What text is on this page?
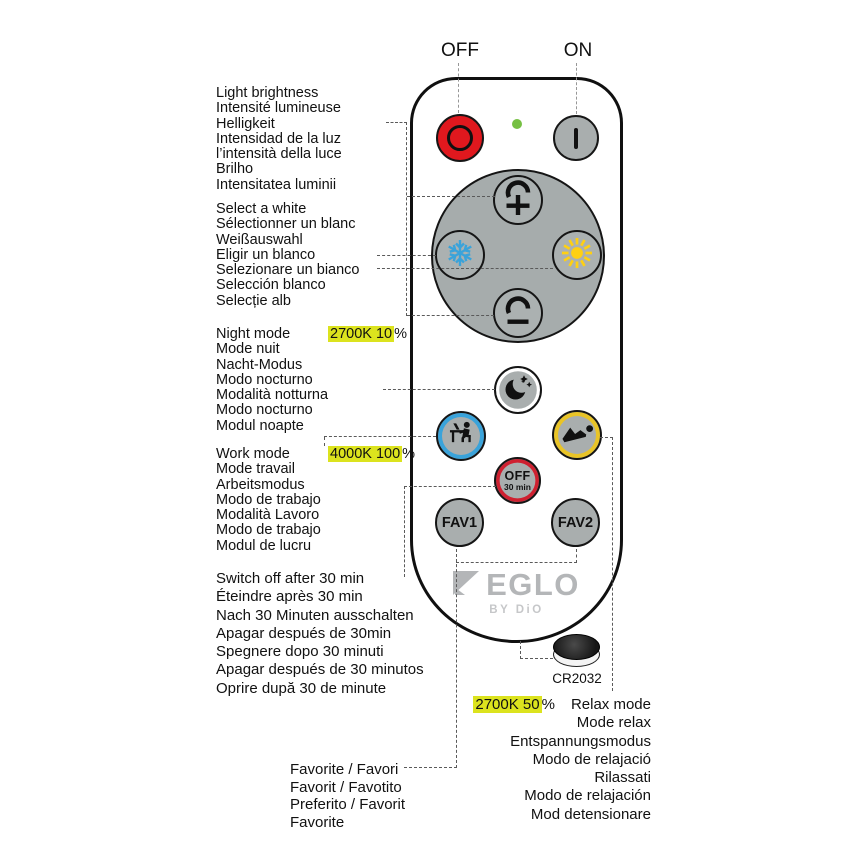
OFF	ON
OFF
30 min
FAV1	FAV2
EGLO
BY DiO
CR2032
Light brightness
Intensité lumineuse
Helligkeit
Intensidad de la luz
l’intensità della luce
Brilho
Intensitatea luminii
Select a white
Sélectionner un blanc
Weißauswahl
Eligir un blanco
Selezionare un bianco
Selección blanco
Selecție alb
Night mode	2700K 10 %
Mode nuit
Nacht-Modus
Modo nocturno
Modalità notturna
Modo nocturno
Modul noapte
Work mode	4000K 100 %
Mode travail
Arbeitsmodus
Modo de trabajo
Modalità Lavoro
Modo de trabajo
Modul de lucru
Switch off after 30 min
Éteindre après 30 min
Nach 30 Minuten ausschalten
Apagar después de 30min
Spegnere dopo 30 minuti
Apagar después de 30 minutos
Oprire după 30 de minute
Favorite / Favori
Favorit / Favotito
Preferito / Favorit
Favorite
2700K 50 % Relax mode
Mode relax
Entspannungsmodus
Modo de relajació
Rilassati
Modo de relajación
Mod detensionare
